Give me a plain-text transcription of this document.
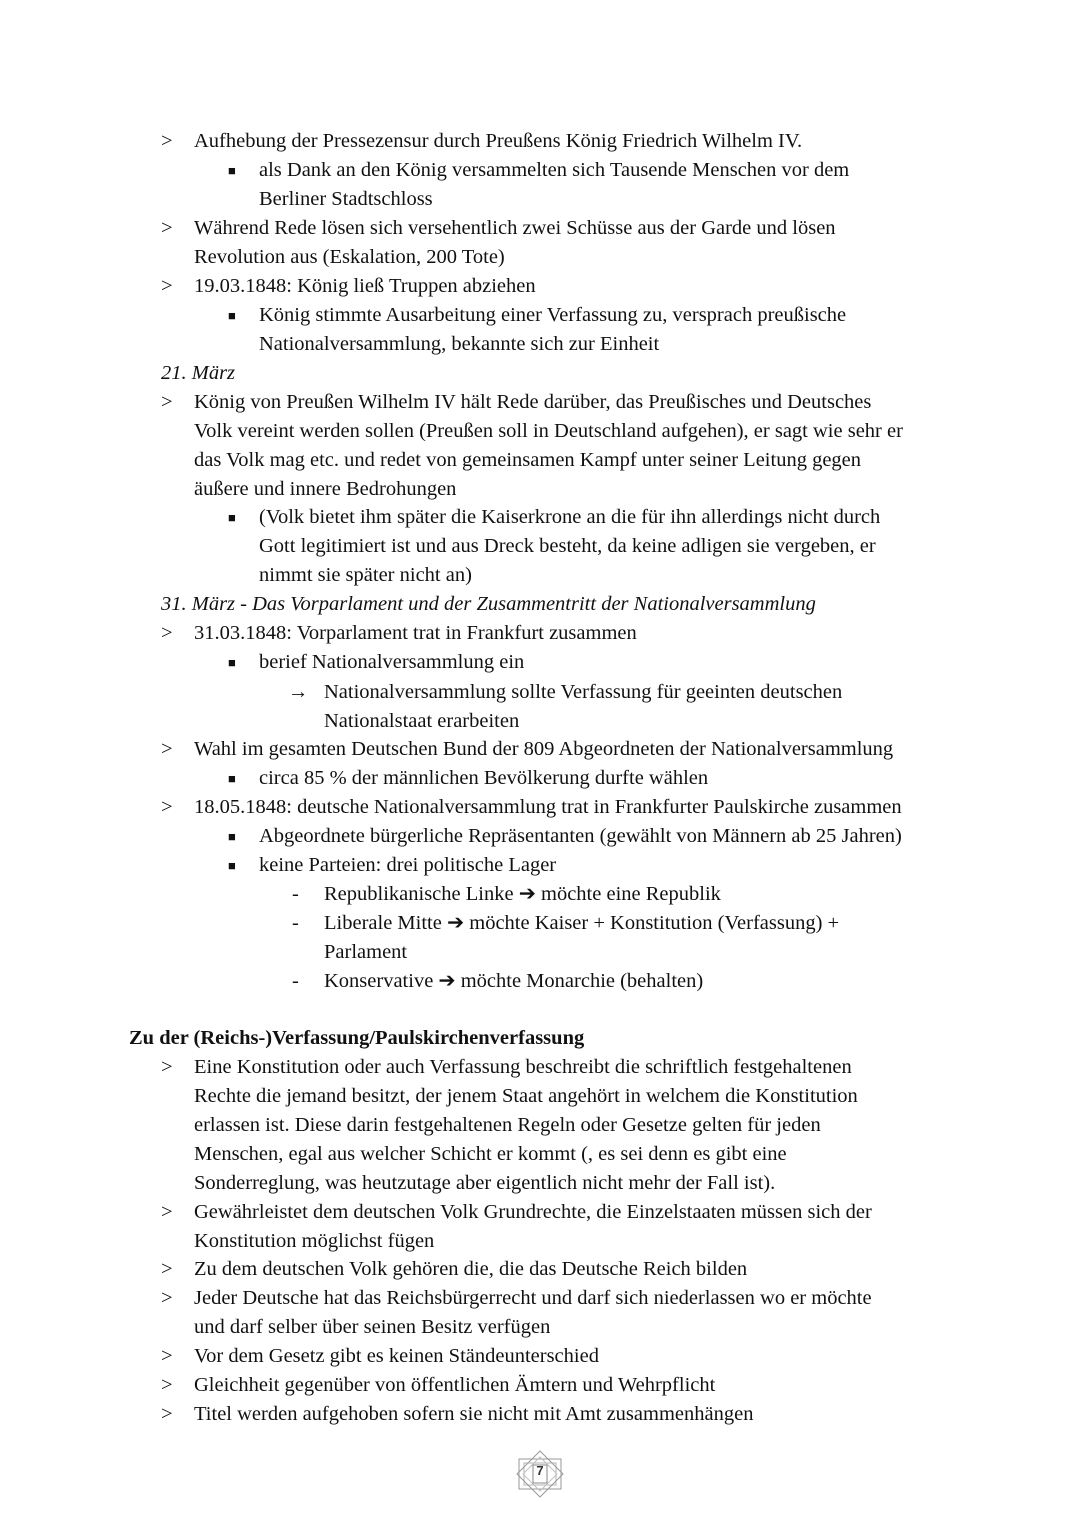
> Aufhebung der Pressezensur durch Preußens König Friedrich Wilhelm IV.
■ als Dank an den König versammelten sich Tausende Menschen vor dem
Berliner Stadtschloss
> Während Rede lösen sich versehentlich zwei Schüsse aus der Garde und lösen
Revolution aus (Eskalation, 200 Tote)
> 19.03.1848: König ließ Truppen abziehen
■ König stimmte Ausarbeitung einer Verfassung zu, versprach preußische
Nationalversammlung, bekannte sich zur Einheit
21. März
> König von Preußen Wilhelm IV hält Rede darüber, das Preußisches und Deutsches
Volk vereint werden sollen (Preußen soll in Deutschland aufgehen), er sagt wie sehr er
das Volk mag etc. und redet von gemeinsamen Kampf unter seiner Leitung gegen
äußere und innere Bedrohungen
■ (Volk bietet ihm später die Kaiserkrone an die für ihn allerdings nicht durch
Gott legitimiert ist und aus Dreck besteht, da keine adligen sie vergeben, er
nimmt sie später nicht an)
31. März - Das Vorparlament und der Zusammentritt der Nationalversammlung
> 31.03.1848: Vorparlament trat in Frankfurt zusammen
■ berief Nationalversammlung ein
→ Nationalversammlung sollte Verfassung für geeinten deutschen
Nationalstaat erarbeiten
> Wahl im gesamten Deutschen Bund der 809 Abgeordneten der Nationalversammlung
■ circa 85 % der männlichen Bevölkerung durfte wählen
> 18.05.1848: deutsche Nationalversammlung trat in Frankfurter Paulskirche zusammen
■ Abgeordnete bürgerliche Repräsentanten (gewählt von Männern ab 25 Jahren)
■ keine Parteien: drei politische Lager
- Republikanische Linke ➔ möchte eine Republik
- Liberale Mitte ➔ möchte Kaiser + Konstitution (Verfassung) +
Parlament
- Konservative ➔ möchte Monarchie (behalten)
Zu der (Reichs-)Verfassung/Paulskirchenverfassung
> Eine Konstitution oder auch Verfassung beschreibt die schriftlich festgehaltenen
Rechte die jemand besitzt, der jenem Staat angehört in welchem die Konstitution
erlassen ist. Diese darin festgehaltenen Regeln oder Gesetze gelten für jeden
Menschen, egal aus welcher Schicht er kommt (, es sei denn es gibt eine
Sonderreglung, was heutzutage aber eigentlich nicht mehr der Fall ist).
> Gewährleistet dem deutschen Volk Grundrechte, die Einzelstaaten müssen sich der
Konstitution möglichst fügen
> Zu dem deutschen Volk gehören die, die das Deutsche Reich bilden
> Jeder Deutsche hat das Reichsbürgerrecht und darf sich niederlassen wo er möchte
und darf selber über seinen Besitz verfügen
> Vor dem Gesetz gibt es keinen Ständeunterschied
> Gleichheit gegenüber von öffentlichen Ämtern und Wehrpflicht
> Titel werden aufgehoben sofern sie nicht mit Amt zusammenhängen
7
